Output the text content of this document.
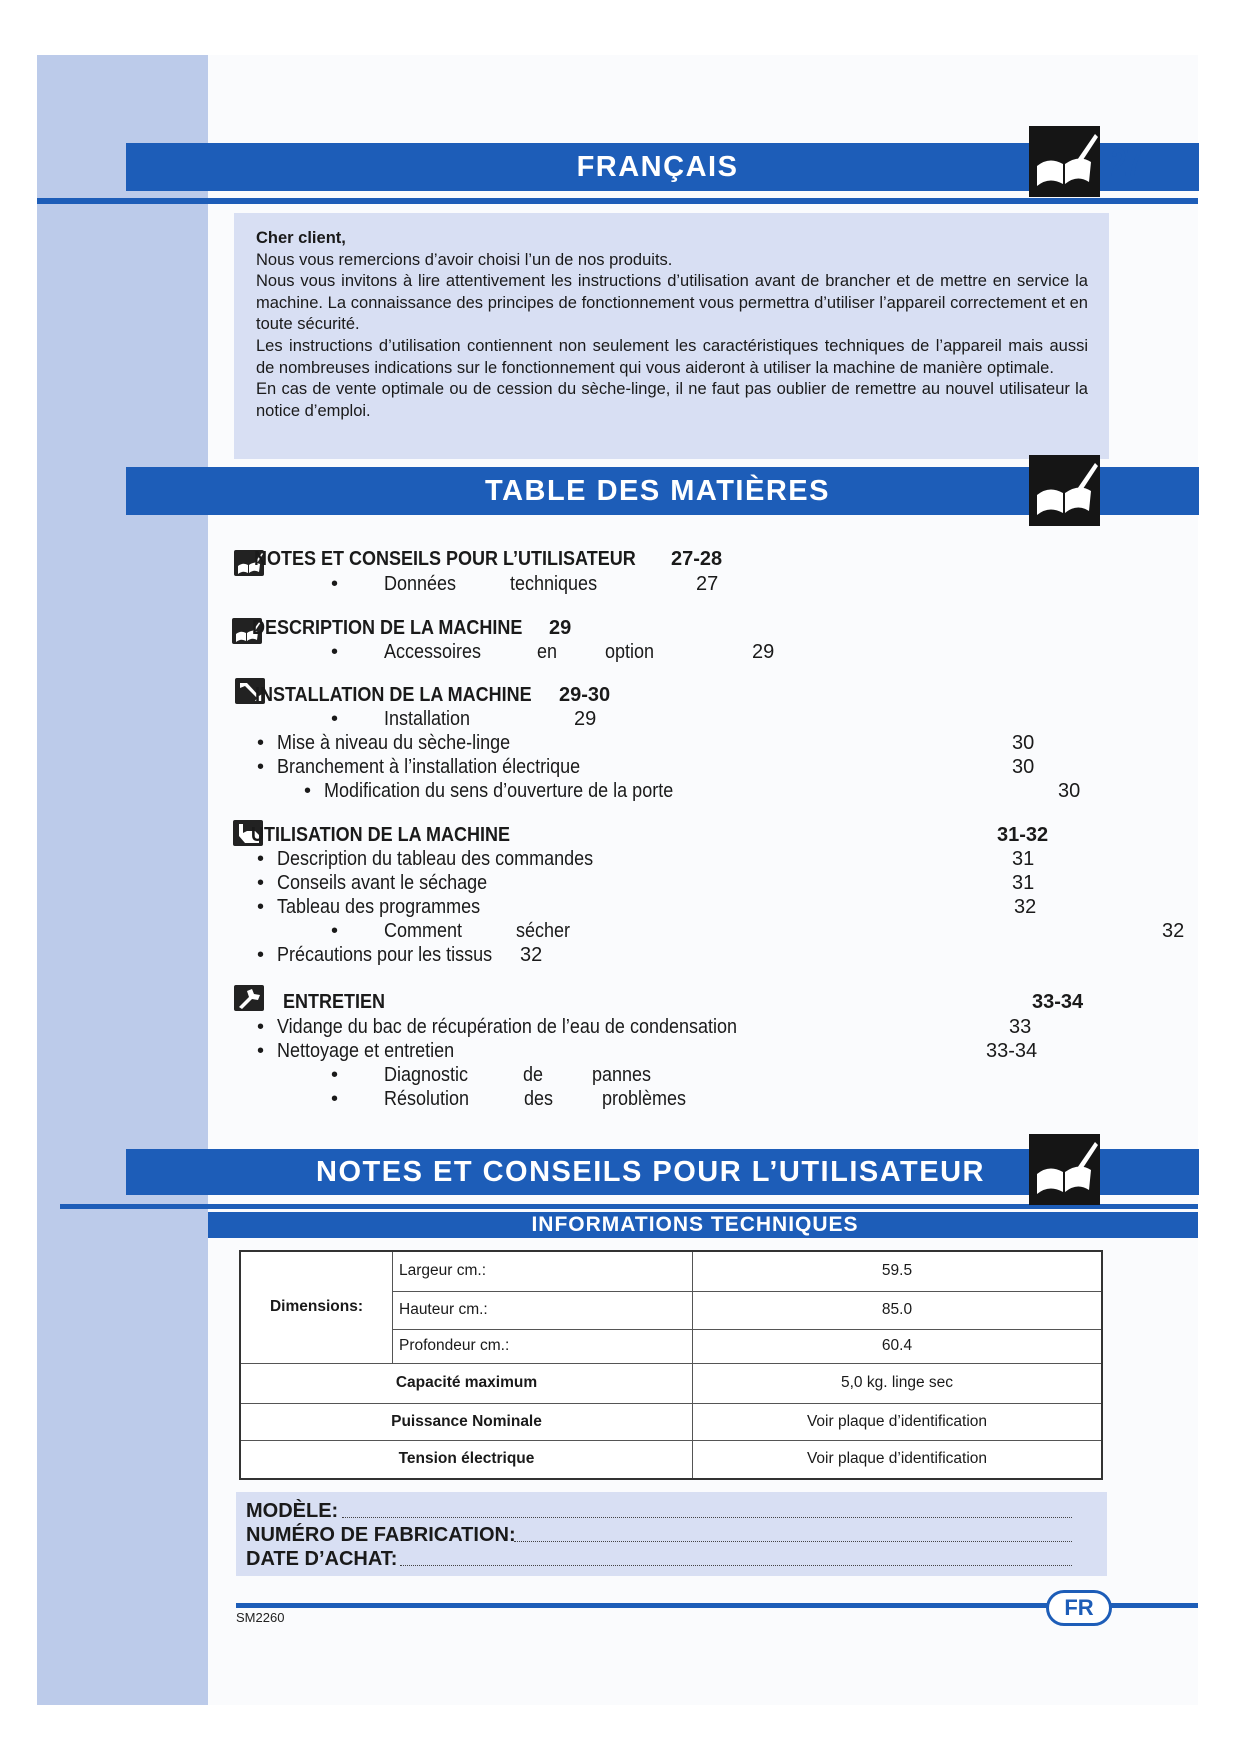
FRANÇAIS	27

Cher client,

Nous vous remercions d’avoir choisi l’un de nos produits.

Nous vous invitons à lire attentivement les instructions d’utilisation avant de brancher et de mettre en service la machine. La connaissance des principes de fonctionnement vous permettra d’utiliser l’appareil correctement et en toute sécurité.

Les instructions d’utilisation contiennent non seulement les caractéristiques techniques de l’appareil mais aussi de nombreuses indications sur le fonctionnement qui vous aideront à utiliser la machine de manière optimale.

En cas de vente optimale ou de cession du sèche-linge, il ne faut pas oublier de remettre au nouvel utilisateur la notice d’emploi.

TABLE DES MATIÈRES
NOTES ET CONSEILS POUR L’UTILISATEUR 27-28
• Données	techniques	27
DESCRIPTION DE LA MACHINE 29
• Accessoires	en option	29
INSTALLATION DE LA MACHINE 29-30
• Installation	29
• Mise à niveau du sèche-linge	30
• Branchement à l’installation électrique	30
• Modification du sens d’ouverture de la porte	30
UTILISATION DE LA MACHINE	31-32
• Description du tableau des commandes	31
• Conseils avant le séchage	31
• Tableau des programmes	32
• Comment	sécher	32
• Précautions pour les tissus 32
ENTRETIEN	33-34
• Vidange du bac de récupération de l’eau de condensation	33
• Nettoyage et entretien	33-34
• Diagnostic	de pannes
• Résolution	des problèmes
NOTES ET CONSEILS POUR L’UTILISATEUR
INFORMATIONS TECHNIQUES
Dimensions:	Largeur cm.:	59.5
	Hauteur cm.:	85.0
	Profondeur cm.:	60.4
Capacité maximum		5,0 kg. linge sec
Puissance Nominale		Voir plaque d’identification
Tension électrique		Voir plaque d’identification
MODÈLE:
NUMÉRO DE FABRICATION:
DATE D’ACHAT:
FR
SM2260
